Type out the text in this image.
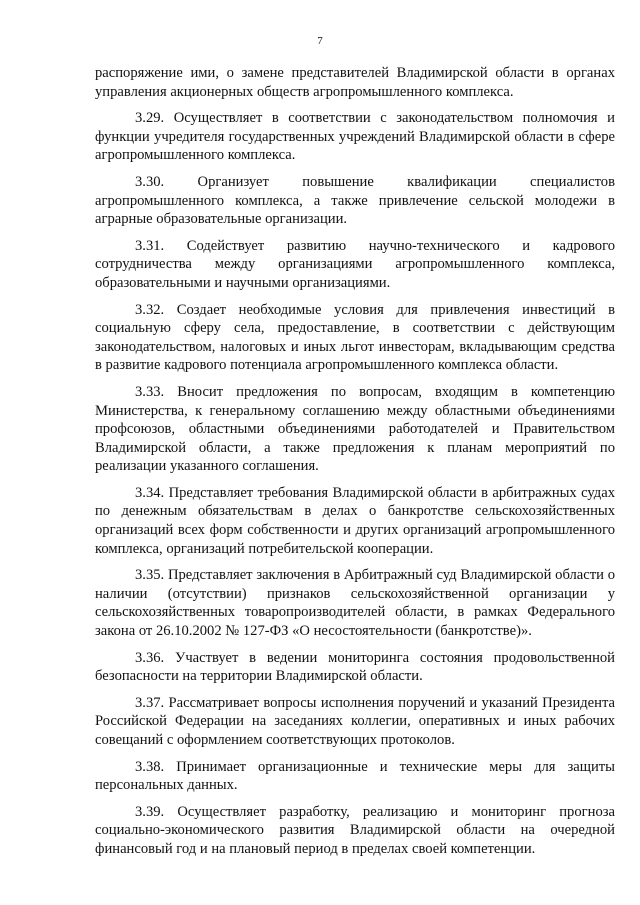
7

распоряжение ими, о замене представителей Владимирской области в органах управления акционерных обществ агропромышленного комплекса.

3.29. Осуществляет в соответствии с законодательством полномочия и функции учредителя государственных учреждений Владимирской области в сфере агропромышленного комплекса.

3.30. Организует повышение квалификации специалистов агропромышленного комплекса, а также привлечение сельской молодежи в аграрные образовательные организации.

3.31. Содействует развитию научно-технического и кадрового сотрудничества между организациями агропромышленного комплекса, образовательными и научными организациями.

3.32. Создает необходимые условия для привлечения инвестиций в социальную сферу села, предоставление, в соответствии с действующим законодательством, налоговых и иных льгот инвесторам, вкладывающим средства в развитие кадрового потенциала агропромышленного комплекса области.

3.33. Вносит предложения по вопросам, входящим в компетенцию Министерства, к генеральному соглашению между областными объединениями профсоюзов, областными объединениями работодателей и Правительством Владимирской области, а также предложения к планам мероприятий по реализации указанного соглашения.

3.34. Представляет требования Владимирской области в арбитражных судах по денежным обязательствам в делах о банкротстве сельскохозяйственных организаций всех форм собственности и других организаций агропромышленного комплекса, организаций потребительской кооперации.

3.35. Представляет заключения в Арбитражный суд Владимирской области о наличии (отсутствии) признаков сельскохозяйственной организации у сельскохозяйственных товаропроизводителей области, в рамках Федерального закона от 26.10.2002 № 127-ФЗ «О несостоятельности (банкротстве)».

3.36. Участвует в ведении мониторинга состояния продовольственной безопасности на территории Владимирской области.

3.37. Рассматривает вопросы исполнения поручений и указаний Президента Российской Федерации на заседаниях коллегии, оперативных и иных рабочих совещаний с оформлением соответствующих протоколов.

3.38. Принимает организационные и технические меры для защиты персональных данных.

3.39. Осуществляет разработку, реализацию и мониторинг прогноза социально-экономического развития Владимирской области на очередной финансовый год и на плановый период в пределах своей компетенции.
